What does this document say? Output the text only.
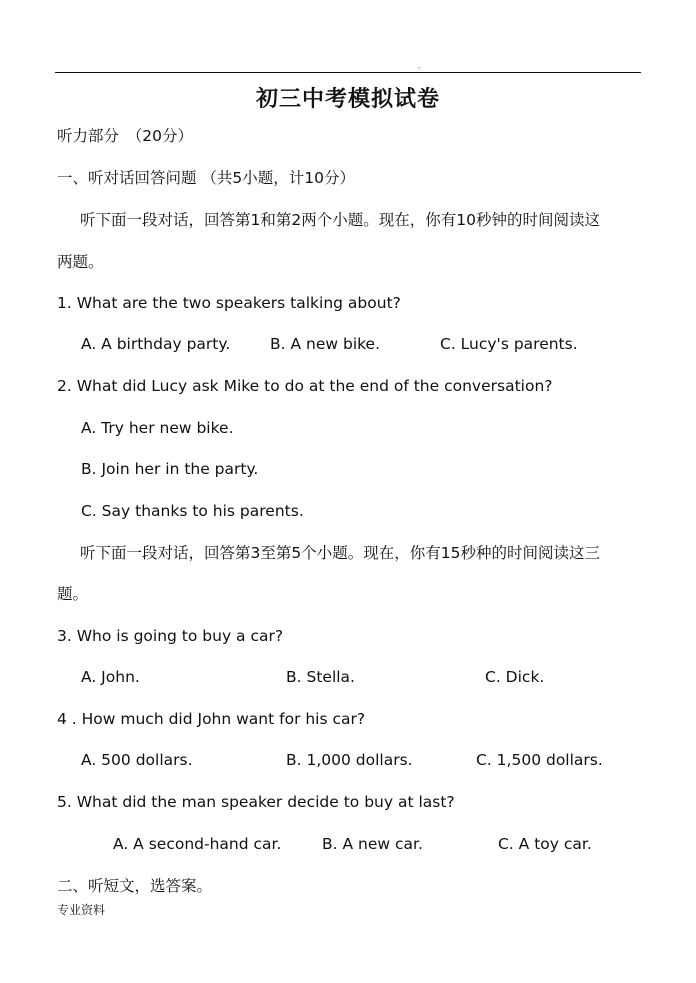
.
初三中考模拟试卷
听力部分　（20分）
一、听对话回答问题 （共5小题，计10分）
听下面一段对话，回答第1和第2两个小题。现在，你有10秒钟的时间阅读这
两题。
1. What are the two speakers talking about?
A. A birthday party.	B. A new bike.	C. Lucy's parents.
2. What did Lucy ask Mike to do at the end of the conversation?
A. Try her new bike.
B. Join her in the party.
C. Say thanks to his parents.
听下面一段对话，回答第3至第5个小题。现在，你有15秒种的时间阅读这三
题。
3. Who is going to buy a car?
A. John.	B. Stella.	C. Dick.
4 . How much did John want for his car?
A. 500 dollars.	B. 1,000 dollars.	C. 1,500 dollars.
5. What did the man speaker decide to buy at last?
A. A second-hand car.	B. A new car.	C. A toy car.
二、听短文，选答案。
专业资料
